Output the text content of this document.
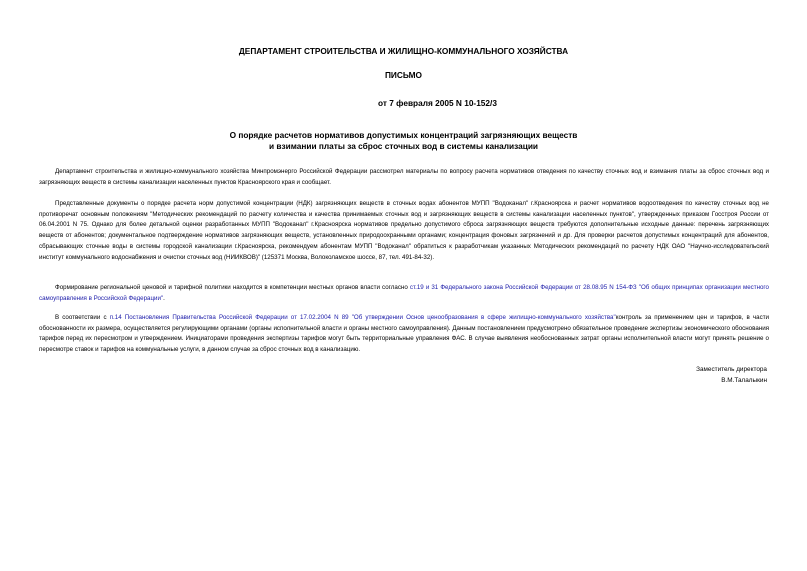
ДЕПАРТАМЕНТ СТРОИТЕЛЬСТВА И ЖИЛИЩНО-КОММУНАЛЬНОГО ХОЗЯЙСТВА
ПИСЬМО
от 7 февраля 2005 N 10-152/3
О порядке расчетов нормативов допустимых концентраций загрязняющих веществ
и взимании платы за сброс сточных вод в системы канализации

Департамент строительства и жилищно-коммунального хозяйства Минпромэнерго Российской Федерации рассмотрел материалы по вопросу расчета нормативов отведения по качеству сточных вод и взимания платы за сброс сточных вод и загрязняющих веществ в системы канализации населенных пунктов Красноярского края и сообщает.

Представленные документы о порядке расчета норм допустимой концентрации (НДК) загрязняющих веществ в сточных водах абонентов МУПП "Водоканал" г.Красноярска и расчет нормативов водоотведения по качеству сточных вод не противоречат основным положениям "Методических рекомендаций по расчету количества и качества принимаемых сточных вод и загрязняющих веществ в системы канализации населенных пунктов", утвержденных приказом Госстроя России от 06.04.2001 N 75. Однако для более детальной оценки разработанных МУПП "Водоканал" г.Красноярска нормативов предельно допустимого сброса загрязняющих веществ требуются дополнительные исходные данные: перечень загрязняющих веществ от абонентов; документальное подтверждение нормативов загрязняющих веществ, установленных природоохранными органами; концентрация фоновых загрязнений и др. Для проверки расчетов допустимых концентраций для абонентов, сбрасывающих сточные воды в системы городской канализации г.Красноярска, рекомендуем абонентам МУПП "Водоканал" обратиться к разработчикам указанных Методических рекомендаций по расчету НДК ОАО "Научно-исследовательский институт коммунального водоснабжения и очистки сточных вод (НИИКВОВ)" (125371 Москва, Волоколамское шоссе, 87, тел. 491-84-32).

Формирование региональной ценовой и тарифной политики находится в компетенции местных органов власти согласно ст.19 и 31 Федерального закона Российской Федерации от 28.08.95 N 154-ФЗ "Об общих принципах организации местного самоуправления в Российской Федерации".

В соответствии с п.14 Постановления Правительства Российской Федерации от 17.02.2004 N 89 "Об утверждении Основ ценообразования в сфере жилищно-коммунального хозяйства"контроль за применением цен и тарифов, в части обоснованности их размера, осуществляется регулирующими органами (органы исполнительной власти и органы местного самоуправления). Данным постановлением предусмотрено обязательное проведение экспертизы экономического обоснования тарифов перед их пересмотром и утверждением. Инициаторами проведения экспертизы тарифов могут быть территориальные управления ФАС. В случае выявления необоснованных затрат органы исполнительной власти могут принять решение о пересмотре ставок и тарифов на коммунальные услуги, в данном случае за сброс сточных вод в канализацию.

Заместитель директора
В.М.Талалыкин
